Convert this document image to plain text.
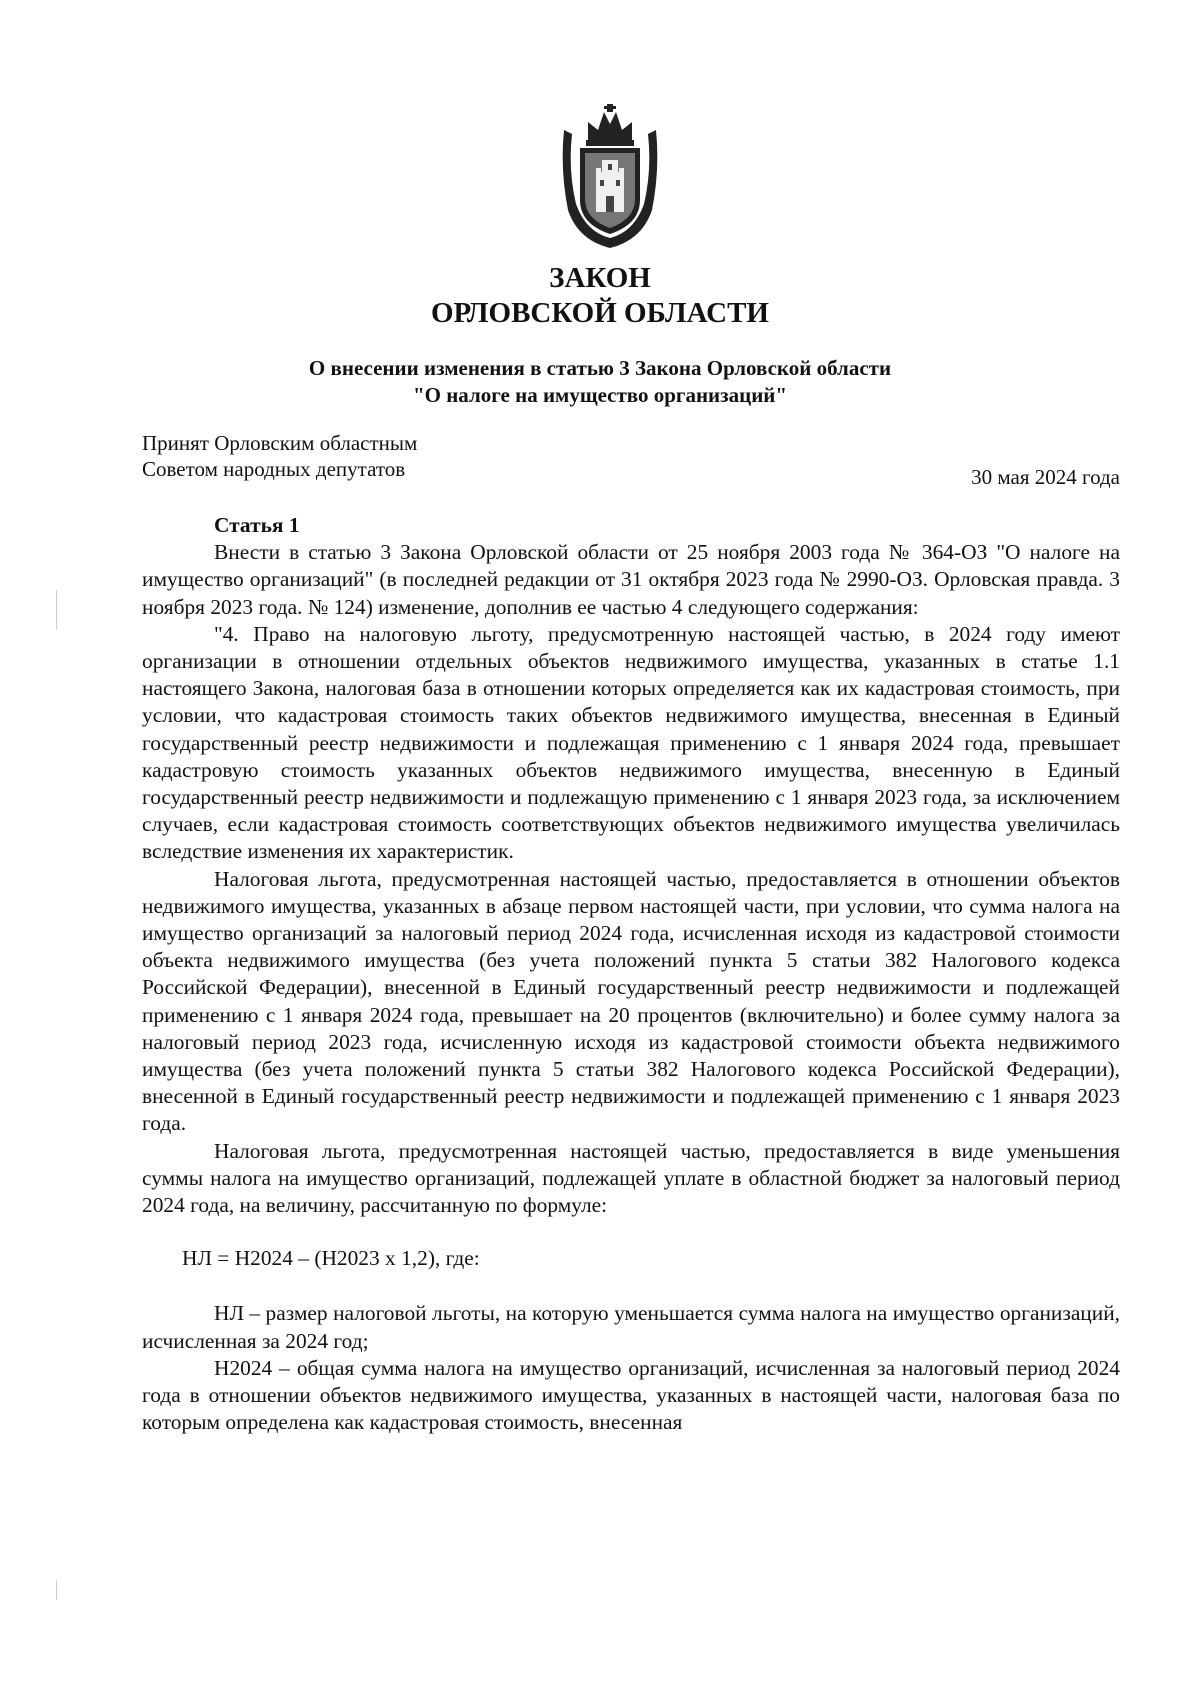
ЗАКОН
ОРЛОВСКОЙ ОБЛАСТИ
О внесении изменения в статью 3 Закона Орловской области
"О налоге на имущество организаций"
Принят Орловским областным
Советом народных депутатов	30 мая 2024 года

Статья 1

Внести в статью 3 Закона Орловской области от 25 ноября 2003 года № 364-ОЗ "О налоге на имущество организаций" (в последней редакции от 31 октября 2023 года № 2990-ОЗ. Орловская правда. 3 ноября 2023 года. № 124) изменение, дополнив ее частью 4 следующего содержания:

"4. Право на налоговую льготу, предусмотренную настоящей частью, в 2024 году имеют организации в отношении отдельных объектов недвижимого имущества, указанных в статье 1.1 настоящего Закона, налоговая база в отношении которых определяется как их кадастровая стоимость, при условии, что кадастровая стоимость таких объектов недвижимого имущества, внесенная в Единый государственный реестр недвижимости и подлежащая применению с 1 января 2024 года, превышает кадастровую стоимость указанных объектов недвижимого имущества, внесенную в Единый государственный реестр недвижимости и подлежащую применению с 1 января 2023 года, за исключением случаев, если кадастровая стоимость соответствующих объектов недвижимого имущества увеличилась вследствие изменения их характеристик.

Налоговая льгота, предусмотренная настоящей частью, предоставляется в отношении объектов недвижимого имущества, указанных в абзаце первом настоящей части, при условии, что сумма налога на имущество организаций за налоговый период 2024 года, исчисленная исходя из кадастровой стоимости объекта недвижимого имущества (без учета положений пункта 5 статьи 382 Налогового кодекса Российской Федерации), внесенной в Единый государственный реестр недвижимости и подлежащей применению с 1 января 2024 года, превышает на 20 процентов (включительно) и более сумму налога за налоговый период 2023 года, исчисленную исходя из кадастровой стоимости объекта недвижимого имущества (без учета положений пункта 5 статьи 382 Налогового кодекса Российской Федерации), внесенной в Единый государственный реестр недвижимости и подлежащей применению с 1 января 2023 года.

Налоговая льгота, предусмотренная настоящей частью, предоставляется в виде уменьшения суммы налога на имущество организаций, подлежащей уплате в областной бюджет за налоговый период 2024 года, на величину, рассчитанную по формуле:

НЛ = Н2024 – (Н2023 х 1,2), где:

НЛ – размер налоговой льготы, на которую уменьшается сумма налога на имущество организаций, исчисленная за 2024 год;

Н2024 – общая сумма налога на имущество организаций, исчисленная за налоговый период 2024 года в отношении объектов недвижимого имущества, указанных в настоящей части, налоговая база по которым определена как кадастровая стоимость, внесенная
